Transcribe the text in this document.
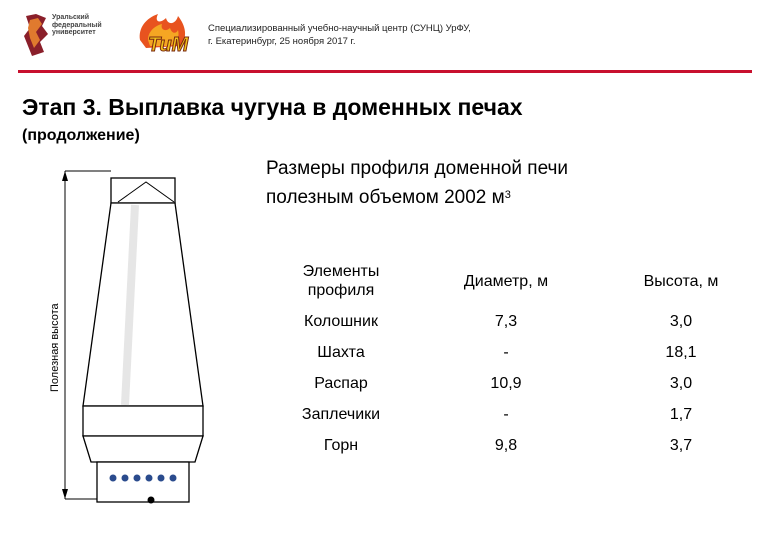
Уральский
федеральный
университет
ТиМ
Специализированный учебно-научный центр (СУНЦ) УрФУ,
г. Екатеринбург, 25 ноября 2017 г.
Этап 3. Выплавка чугуна в доменных печах
(продолжение)
Размеры профиля доменной печи
полезным объемом 2002 $м^3$
Полезная высота
Элементы профиля	Диаметр, м	Высота, м
Колошник	7,3	3,0
Шахта	-	18,1
Распар	10,9	3,0
Заплечики	-	1,7
Горн	9,8	3,7
